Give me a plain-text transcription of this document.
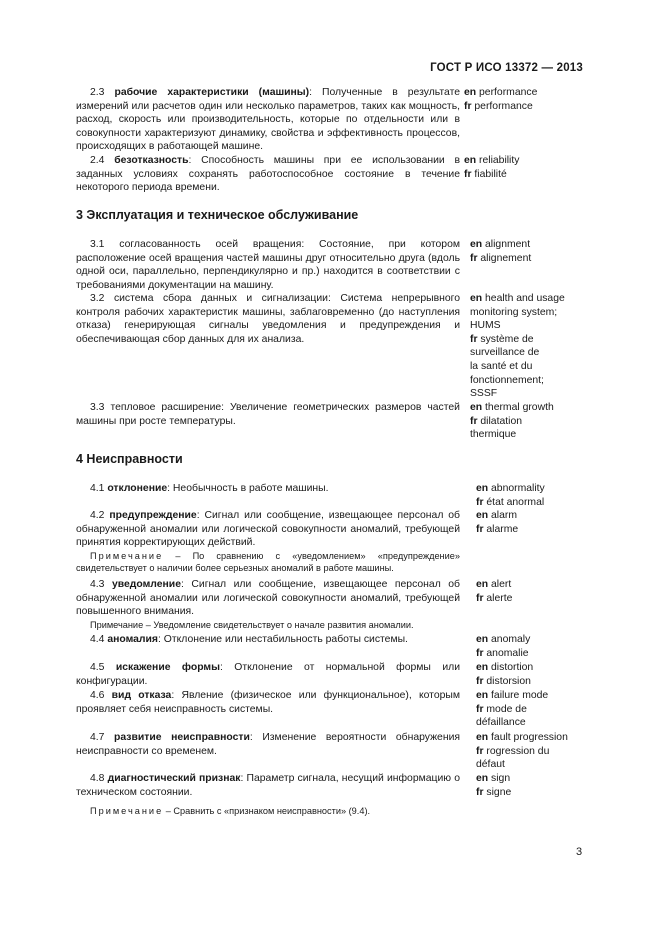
ГОСТ Р ИСО 13372 — 2013

2.3 рабочие характеристики (машины): Полученные в результате измерений или расчетов один или несколько параметров, таких как мощность, расход, скорость или производительность, которые по отдельности или в совокупности характеризуют динамику, свойства и эффективность процессов, происходящих в работающей машине.

en performance
fr performance

2.4 безотказность: Способность машины при ее использовании в заданных условиях сохранять работоспособное состояние в течение некоторого периода времени.

en reliability
fr fiabilité
3 Эксплуатация и техническое обслуживание

3.1 согласованность осей вращения: Состояние, при котором расположение осей вращения частей машины друг относительно друга (вдоль одной оси, параллельно, перпендикулярно и пр.) находится в соответствии с требованиями документации на машину.

en alignment
fr alignement

3.2 система сбора данных и сигнализации: Система непрерывного контроля рабочих характеристик машины, заблаговременно (до наступления отказа) генерирующая сигналы уведомления и предупреждения и обеспечивающая сбор данных для их анализа.

en health and usage
monitoring system;
HUMS
fr système de
surveillance de
la santé et du
fonctionnement;
SSSF

3.3 тепловое расширение: Увеличение геометрических размеров частей машины при росте температуры.

en thermal growth
fr dilatation
thermique
4 Неисправности

4.1 отклонение: Необычность в работе машины.	en abnormality
fr état anormal

4.2 предупреждение: Сигнал или сообщение, извещающее персонал об обнаруженной аномалии или логической совокупности аномалий, требующей принятия корректирующих действий.

en alarm
fr alarme

Примечание – По сравнению с «уведомлением» «предупреждение» свидетельствует о наличии более серьезных аномалий в работе машины.

4.3 уведомление: Сигнал или сообщение, извещающее персонал об обнаруженной аномалии или логической совокупности аномалий, требующей повышенного внимания.

en alert
fr alerte

Примечание – Уведомление свидетельствует о начале развития аномалии.

4.4 аномалия: Отклонение или нестабильность работы системы.	en anomaly
fr anomalie

4.5 искажение формы: Отклонение от нормальной формы или конфигурации.

en distortion
fr distorsion

4.6 вид отказа: Явление (физическое или функциональное), которым проявляет себя неисправность системы.

en failure mode
fr mode de
défaillance

4.7 развитие неисправности: Изменение вероятности обнаружения неисправности со временем.

en fault progression
fr rogression du
défaut

4.8 диагностический признак: Параметр сигнала, несущий информацию о техническом состоянии.

en sign
fr signe

Примечание – Сравнить с «признаком неисправности» (9.4).

3
